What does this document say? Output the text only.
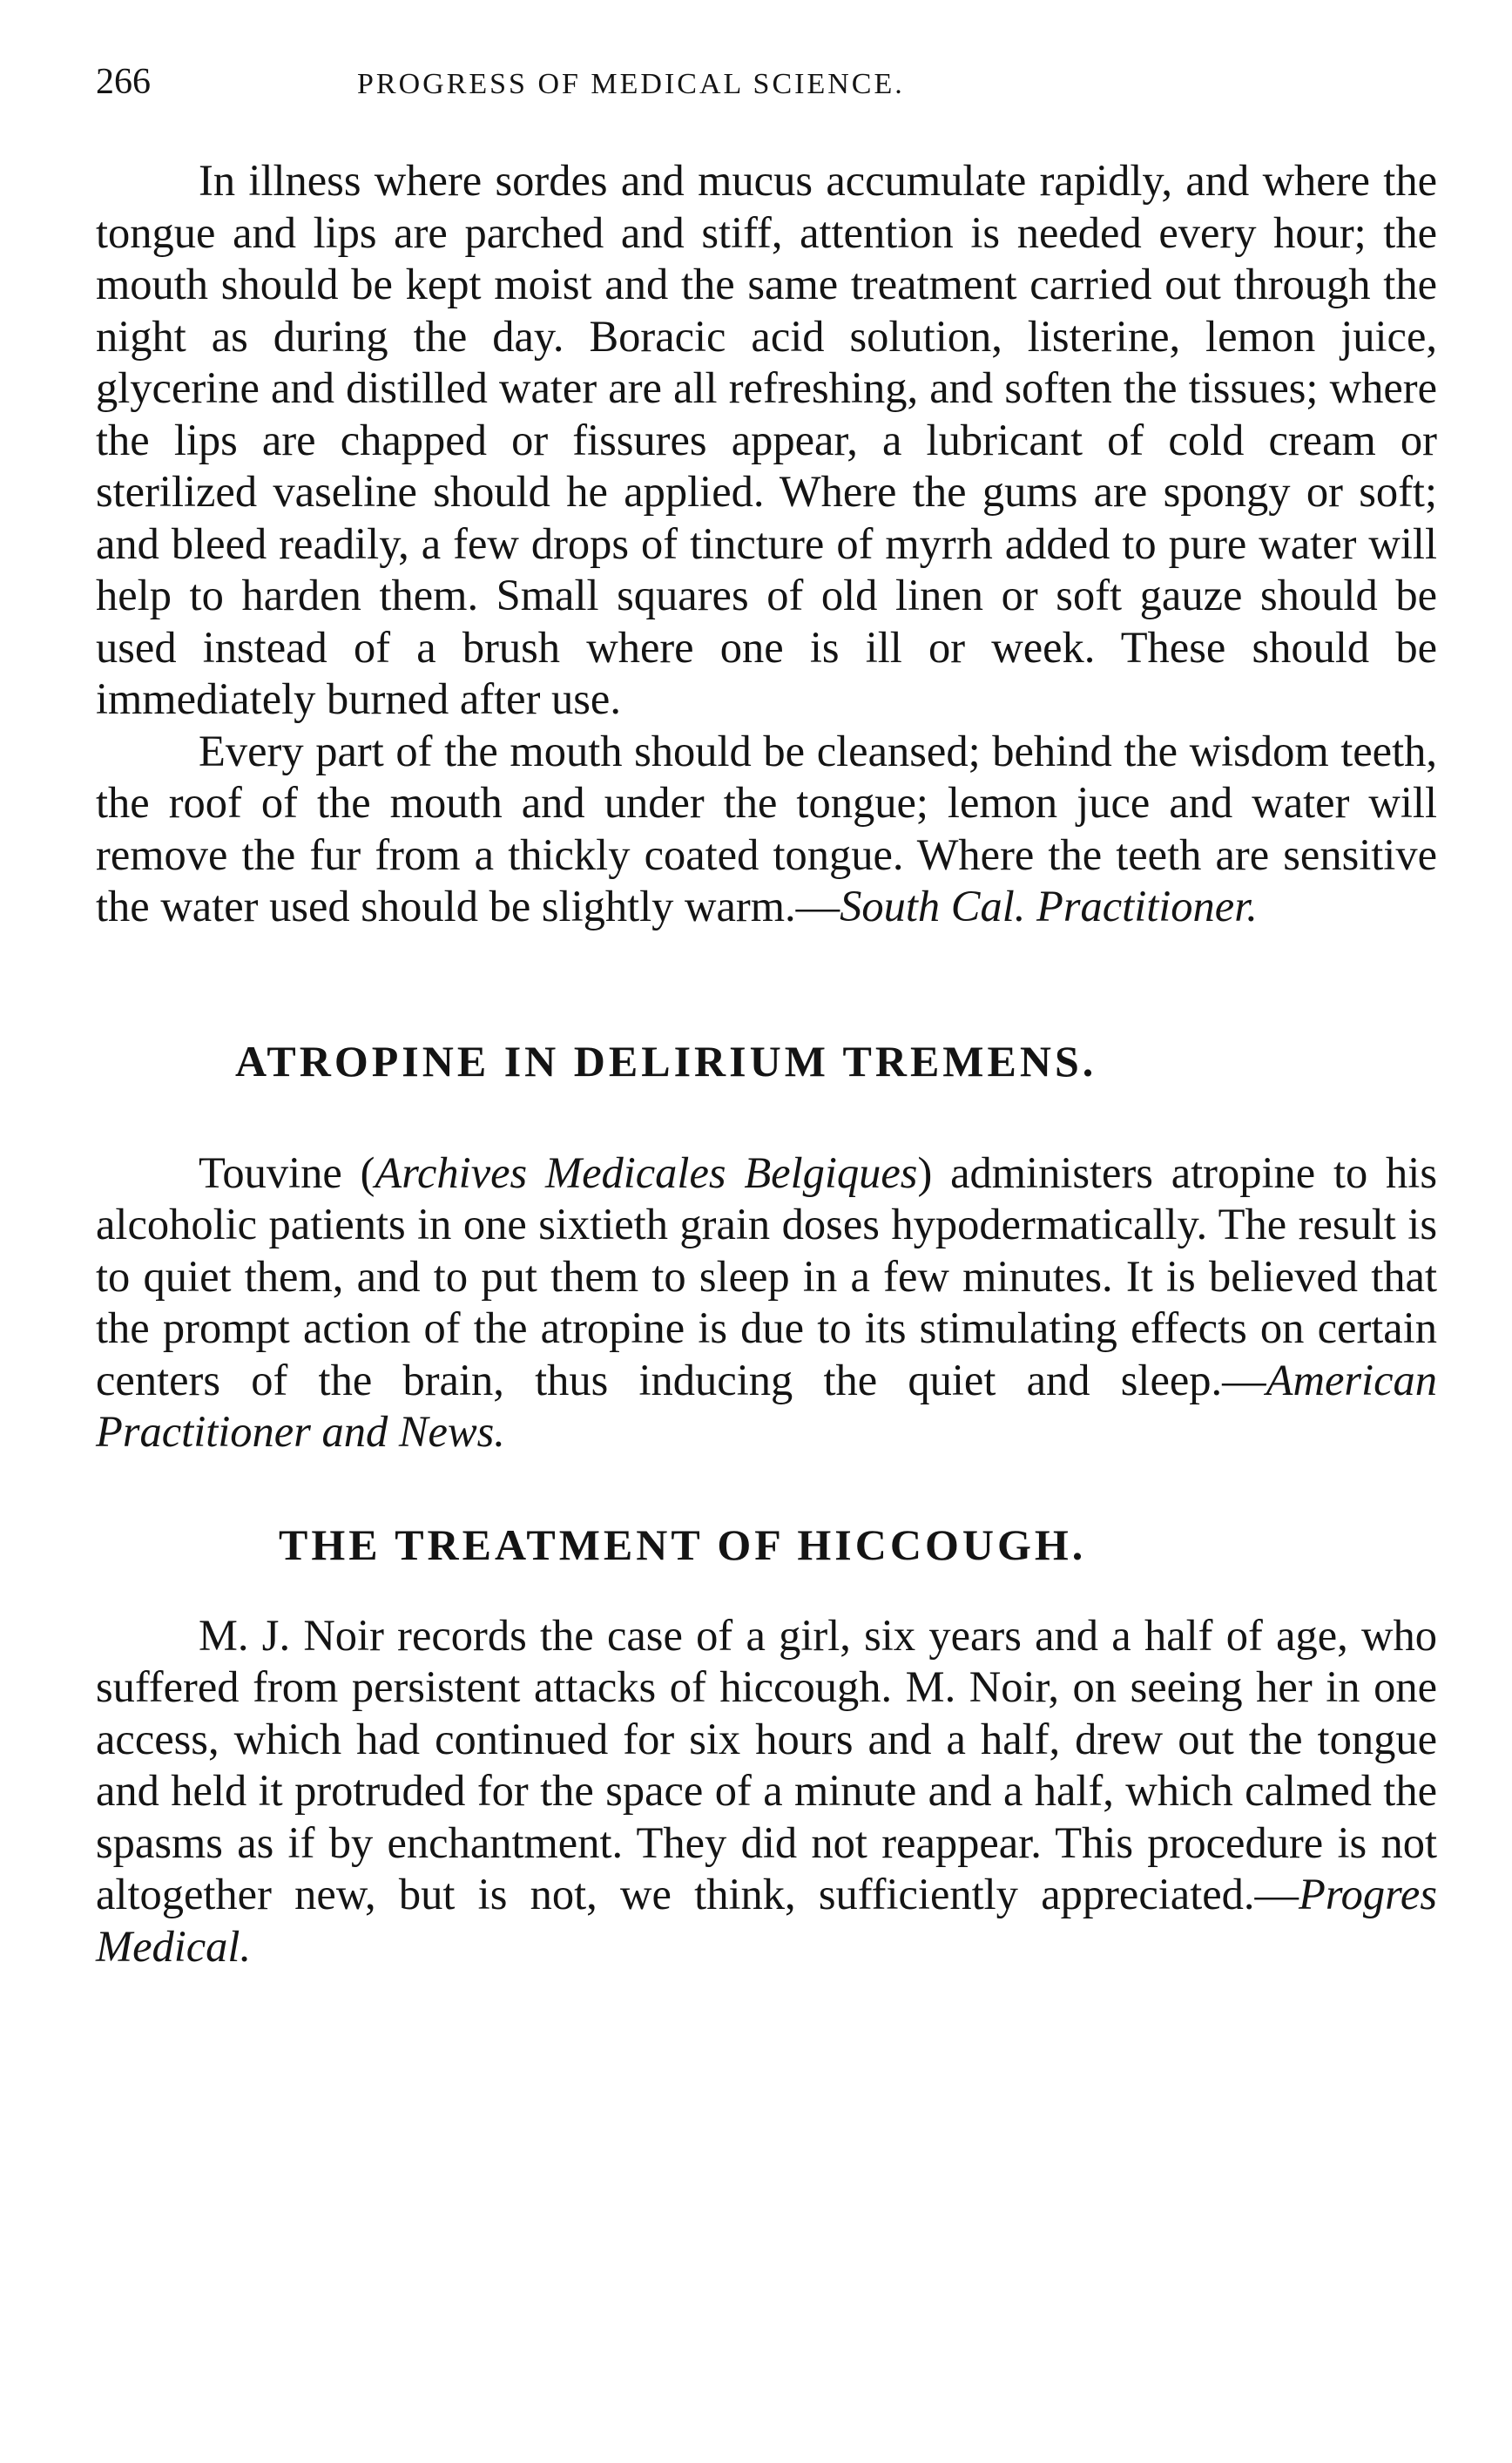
266	PROGRESS OF MEDICAL SCIENCE.

In illness where sordes and mucus accumulate rapidly, and where the tongue and lips are parched and stiff, attention is needed every hour; the mouth should be kept moist and the same treatment carried out through the night as during the day. Boracic acid solution, listerine, lemon juice, glycerine and distilled water are all refreshing, and soften the tissues; where the lips are chapped or fissures appear, a lubricant of cold cream or sterilized vaseline should he applied. Where the gums are spongy or soft; and bleed readily, a few drops of tincture of myrrh added to pure water will help to harden them. Small squares of old linen or soft gauze should be used instead of a brush where one is ill or week. These should be immediately burned after use.

Every part of the mouth should be cleansed; behind the wisdom teeth, the roof of the mouth and under the tongue; lemon juce and water will remove the fur from a thickly coated tongue. Where the teeth are sensitive the water used should be slightly warm.—South Cal. Practitioner.

ATROPINE IN DELIRIUM TREMENS.

Touvine (Archives Medicales Belgiques) administers atropine to his alcoholic patients in one sixtieth grain doses hypodermatically. The result is to quiet them, and to put them to sleep in a few minutes. It is believed that the prompt action of the atropine is due to its stimulating effects on certain centers of the brain, thus inducing the quiet and sleep.—American Practitioner and News.

THE TREATMENT OF HICCOUGH.

M. J. Noir records the case of a girl, six years and a half of age, who suffered from persistent attacks of hiccough. M. Noir, on seeing her in one access, which had continued for six hours and a half, drew out the tongue and held it protruded for the space of a minute and a half, which calmed the spasms as if by enchantment. They did not reappear. This procedure is not altogether new, but is not, we think, sufficiently appreciated.—Progres Medical.
